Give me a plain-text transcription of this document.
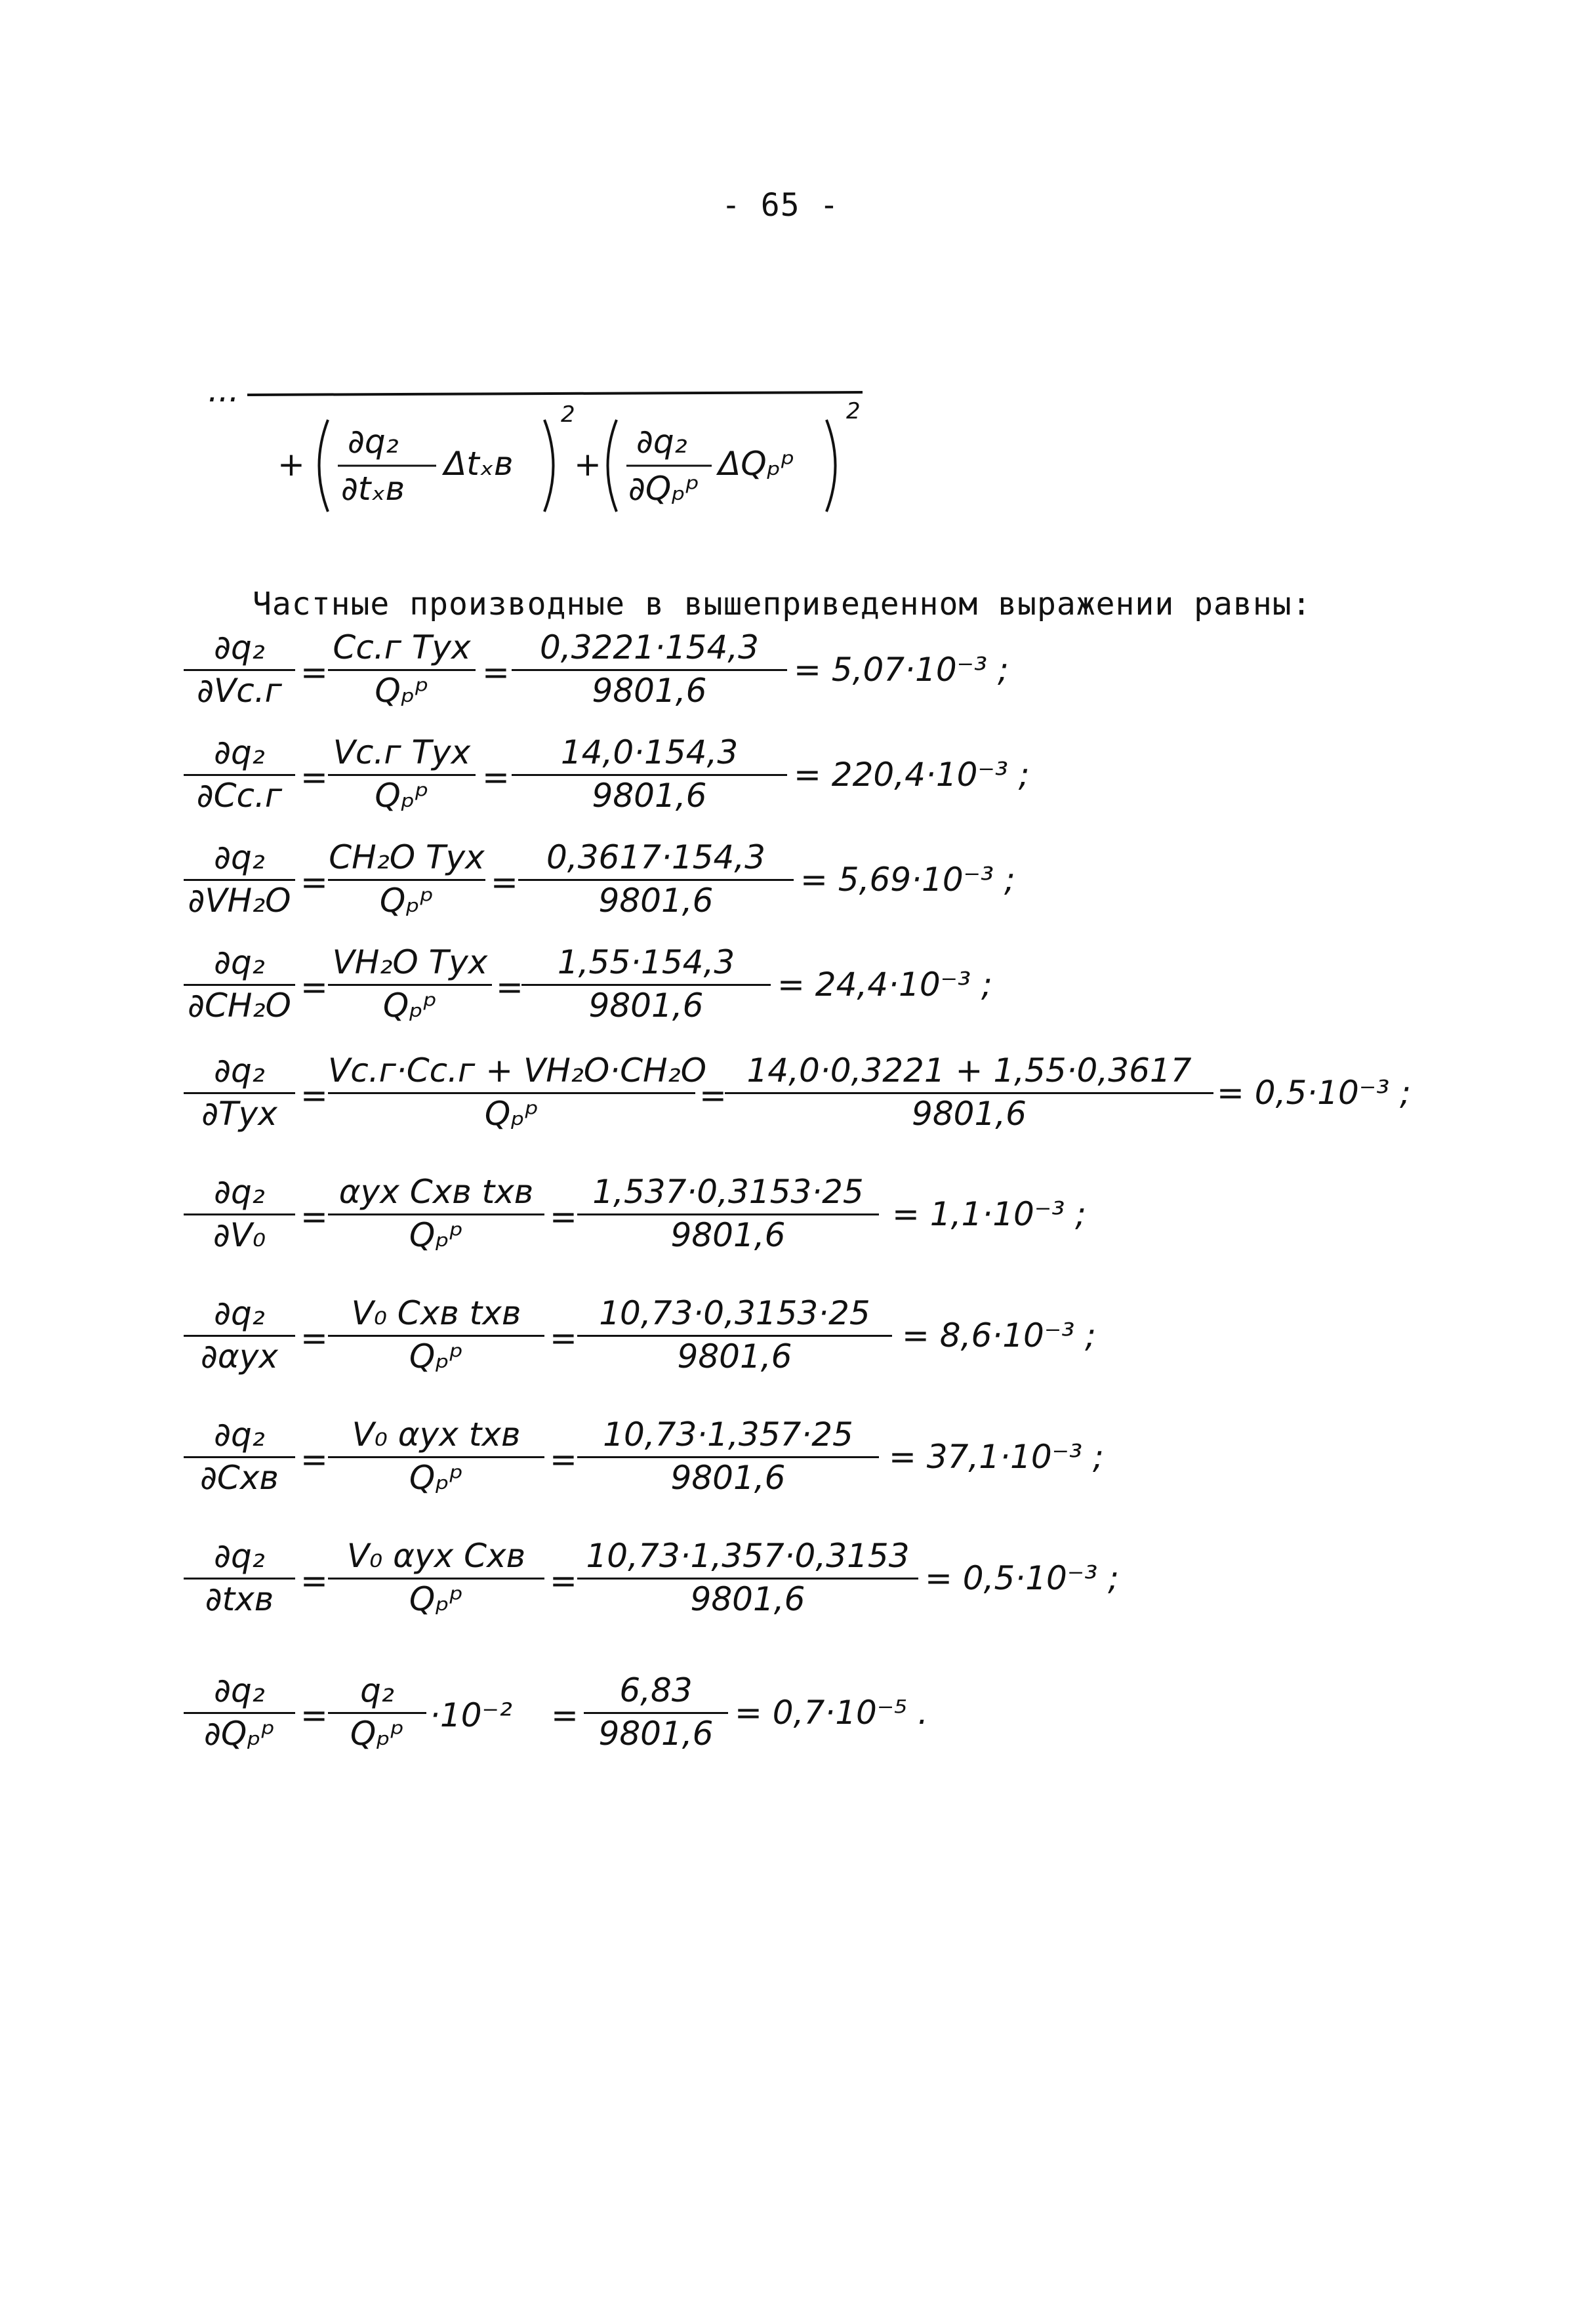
- 65 -
...
+
∂q₂
∂tₓв
Δtₓв
2
+
∂q₂
∂Qₚᵖ
ΔQₚᵖ
2
Частные производные в вышеприведенном выражении равны:
∂q₂
∂Vс.г =
Cс.г Tух
Qₚᵖ	=
0,3221·154,3
9801,6
= 5,07·10⁻³ ;
∂q₂
∂Cс.г =
Vс.г Tух
Qₚᵖ	=
14,0·154,3
9801,6
= 220,4·10⁻³ ;
∂q₂
∂VH₂O =
CH₂O Tух
Qₚᵖ	=
0,3617·154,3
9801,6
= 5,69·10⁻³ ;
∂q₂
∂CH₂O =
VH₂O Tух
Qₚᵖ	=
1,55·154,3
9801,6
= 24,4·10⁻³ ;
∂q₂
∂Tух =
Vс.г·Cс.г + VH₂O·CH₂O
Qₚᵖ	=
14,0·0,3221 + 1,55·0,3617
9801,6
= 0,5·10⁻³ ;
∂q₂
∂V₀	=
αух Cхв tхв
Qₚᵖ	=
1,537·0,3153·25
9801,6
= 1,1·10⁻³ ;
∂q₂
∂αух =
V₀ Cхв tхв
Qₚᵖ	=
10,73·0,3153·25
9801,6
= 8,6·10⁻³ ;
∂q₂
∂Cхв =
V₀ αух tхв
Qₚᵖ	=
10,73·1,357·25
9801,6
= 37,1·10⁻³ ;
∂q₂
∂tхв =
V₀ αух Cхв
Qₚᵖ	=
10,73·1,357·0,3153
9801,6
= 0,5·10⁻³ ;
∂q₂
∂Qₚᵖ =
q₂
Qₚᵖ ·10⁻² =
6,83
9801,6
= 0,7·10⁻⁵ .
